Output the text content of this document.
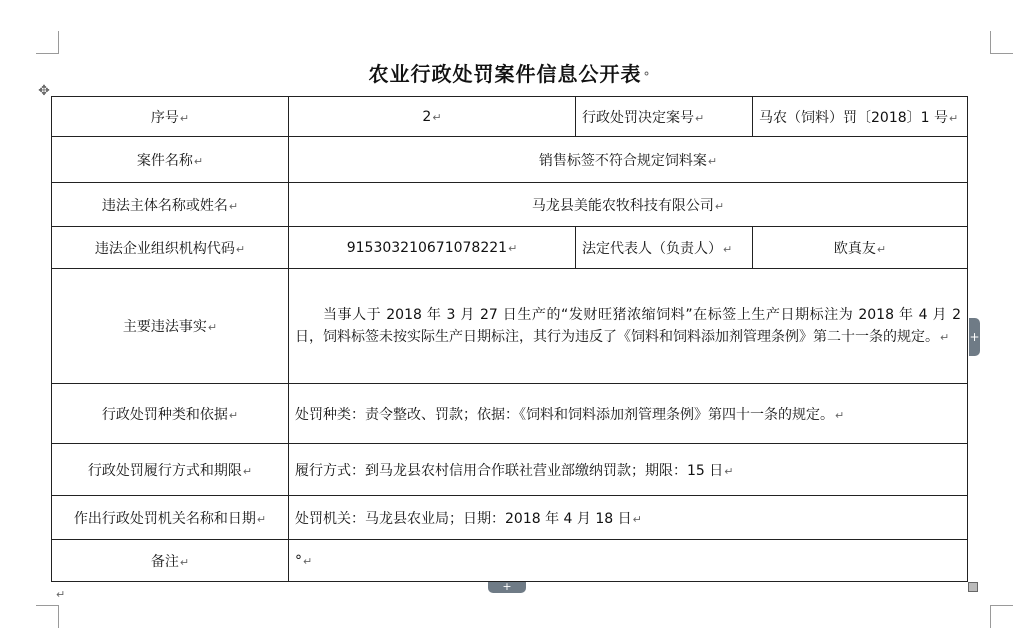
农业行政处罚案件信息公开表 °
✥
序号↵	2↵	行政处罚决定案号↵	马农（饲料）罚〔2018〕1 号↵
案件名称↵	销售标签不符合规定饲料案↵		
违法主体名称或姓名↵	马龙县美能农牧科技有限公司↵		
违法企业组织机构代码↵	915303210671078221↵	法定代表人（负责人）↵	欧真友↵
主要违法事实↵	当事人于 2018 年 3 月 27 日生产的“发财旺猪浓缩饲料”在标签上生产日期标注为 2018 年 4 月 2 日，饲料标签未按实际生产日期标注，其行为违反了《饲料和饲料添加剂管理条例》第二十一条的规定。↵		
行政处罚种类和依据↵	处罚种类：责令整改、罚款；依据：《饲料和饲料添加剂管理条例》第四十一条的规定。↵		
行政处罚履行方式和期限↵	履行方式：到马龙县农村信用合作联社营业部缴纳罚款；期限：15 日↵		
作出行政处罚机关名称和日期↵	处罚机关：马龙县农业局；日期：2018 年 4 月 18 日↵		
备注↵	°↵		
+
+
↵
